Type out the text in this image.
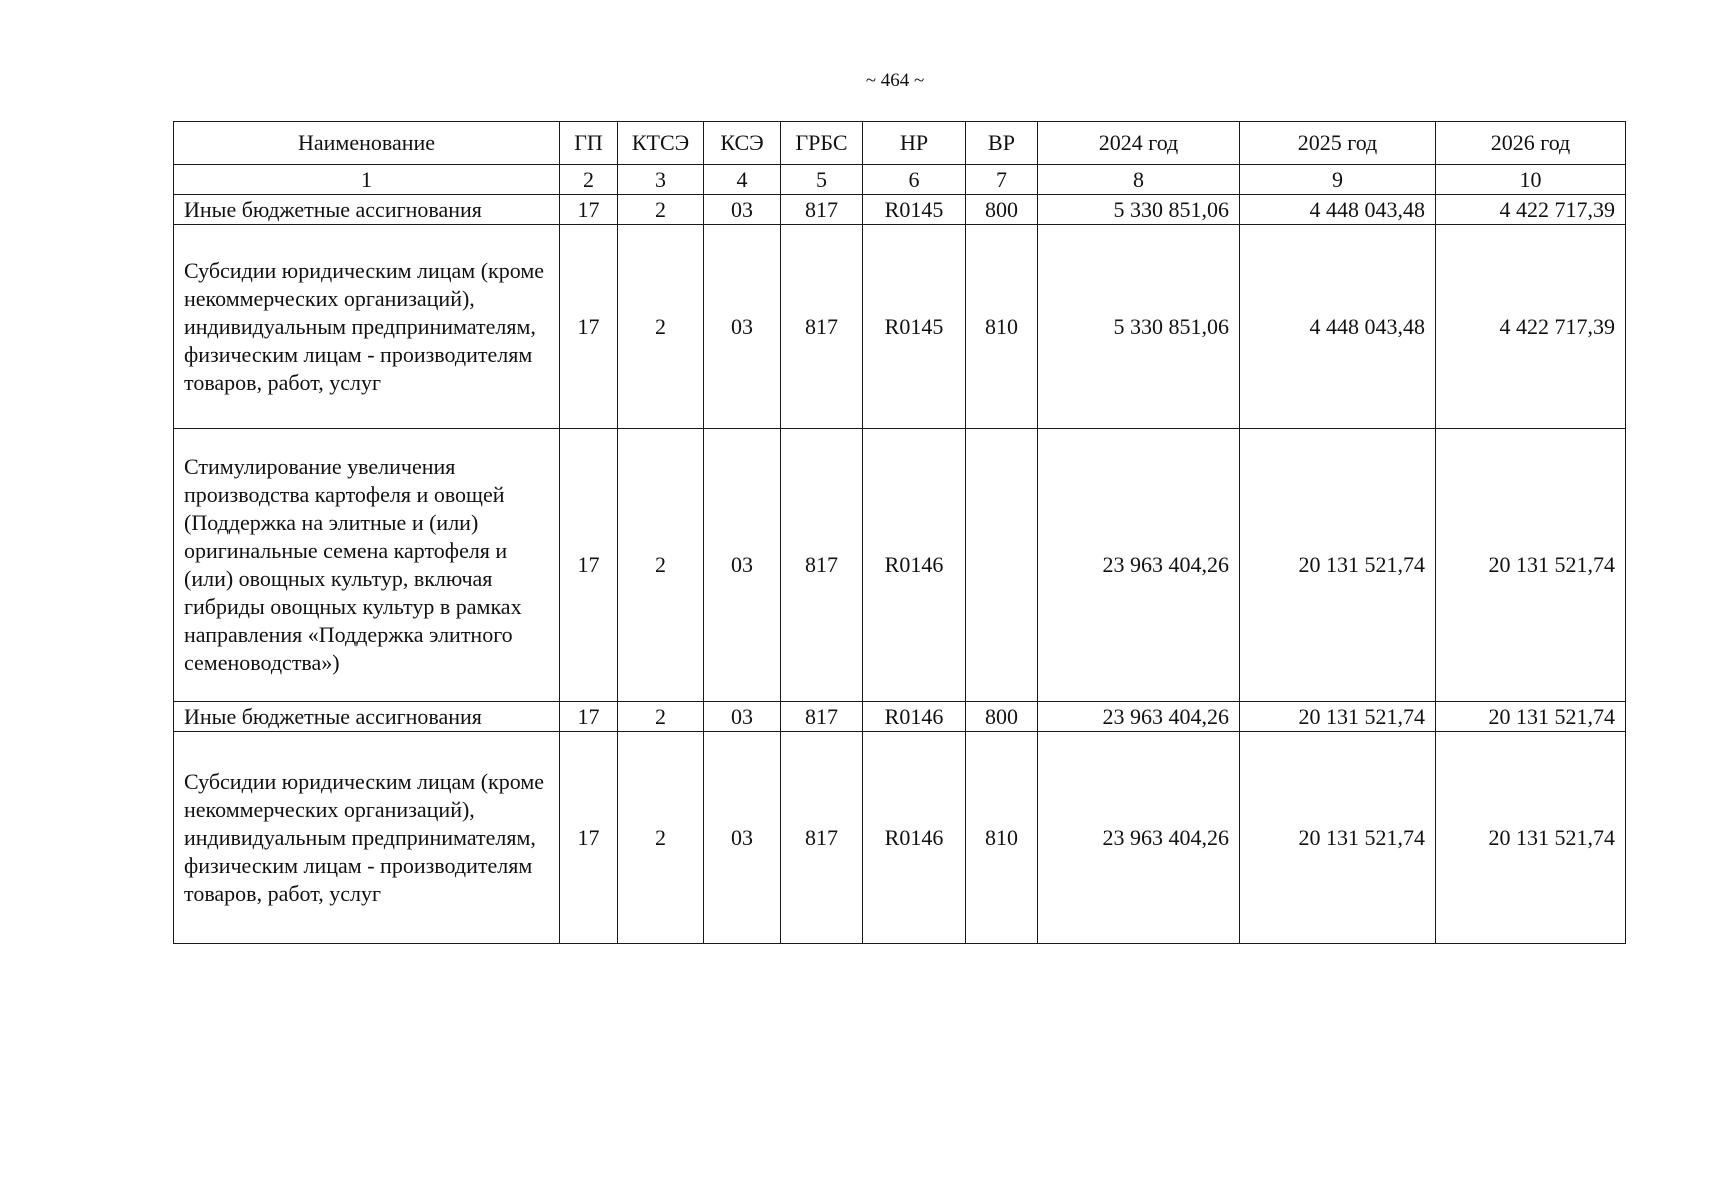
~ 464 ~
Наименование	ГП	КТСЭ	КСЭ	ГРБС	НР	ВР	2024 год	2025 год	2026 год
1	2	3	4	5	6	7	8	9	10
Иные бюджетные ассигнования	17	2	03	817	R0145	800	5 330 851,06	4 448 043,48	4 422 717,39
Субсидии юридическим лицам (кроме некоммерческих организаций), индивидуальным предпринимателям, физическим лицам - производителям товаров, работ, услуг	17	2	03	817	R0145	810	5 330 851,06	4 448 043,48	4 422 717,39
Стимулирование увеличения производства картофеля и овощей (Поддержка на элитные и (или) оригинальные семена картофеля и (или) овощных культур, включая гибриды овощных культур в рамках направления «Поддержка элитного семеноводства»)	17	2	03	817	R0146		23 963 404,26	20 131 521,74	20 131 521,74
Иные бюджетные ассигнования	17	2	03	817	R0146	800	23 963 404,26	20 131 521,74	20 131 521,74
Субсидии юридическим лицам (кроме некоммерческих организаций), индивидуальным предпринимателям, физическим лицам - производителям товаров, работ, услуг	17	2	03	817	R0146	810	23 963 404,26	20 131 521,74	20 131 521,74
